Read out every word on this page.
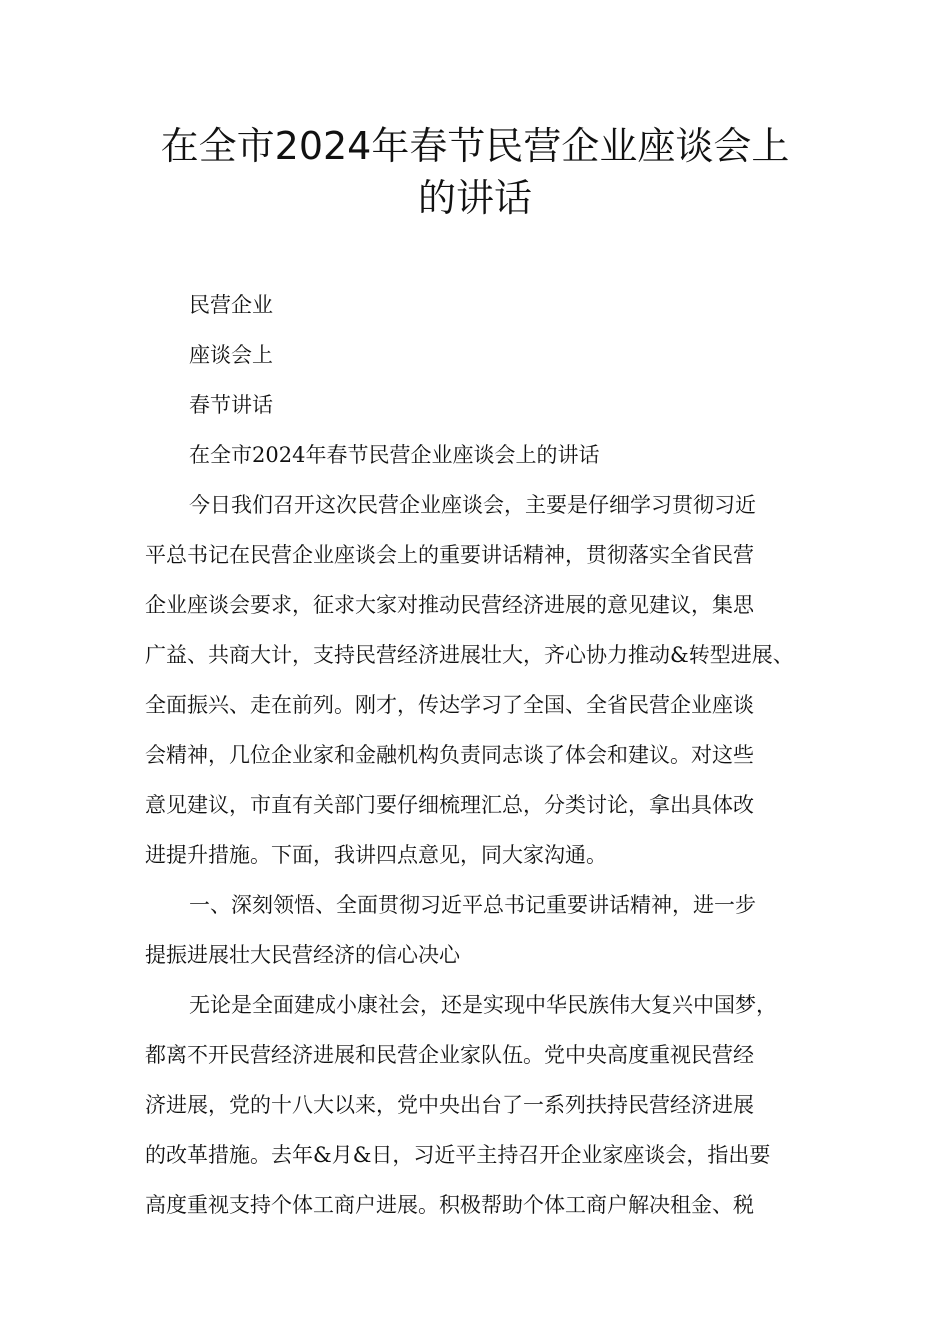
在全市2024年春节民营企业座谈会上
的讲话

民营企业

座谈会上

春节讲话

在全市2024年春节民营企业座谈会上的讲话

今日我们召开这次民营企业座谈会，主要是仔细学习贯彻习近
平总书记在民营企业座谈会上的重要讲话精神，贯彻落实全省民营
企业座谈会要求，征求大家对推动民营经济进展的意见建议，集思
广益、共商大计，支持民营经济进展壮大，齐心协力推动&转型进展、
全面振兴、走在前列。刚才，传达学习了全国、全省民营企业座谈
会精神，几位企业家和金融机构负责同志谈了体会和建议。对这些
意见建议，市直有关部门要仔细梳理汇总，分类讨论，拿出具体改
进提升措施。下面，我讲四点意见，同大家沟通。
一、深刻领悟、全面贯彻习近平总书记重要讲话精神，进一步
提振进展壮大民营经济的信心决心
无论是全面建成小康社会，还是实现中华民族伟大复兴中国梦，
都离不开民营经济进展和民营企业家队伍。党中央高度重视民营经
济进展，党的十八大以来，党中央出台了一系列扶持民营经济进展
的改革措施。去年&月&日，习近平主持召开企业家座谈会，指出要
高度重视支持个体工商户进展。积极帮助个体工商户解决租金、税
